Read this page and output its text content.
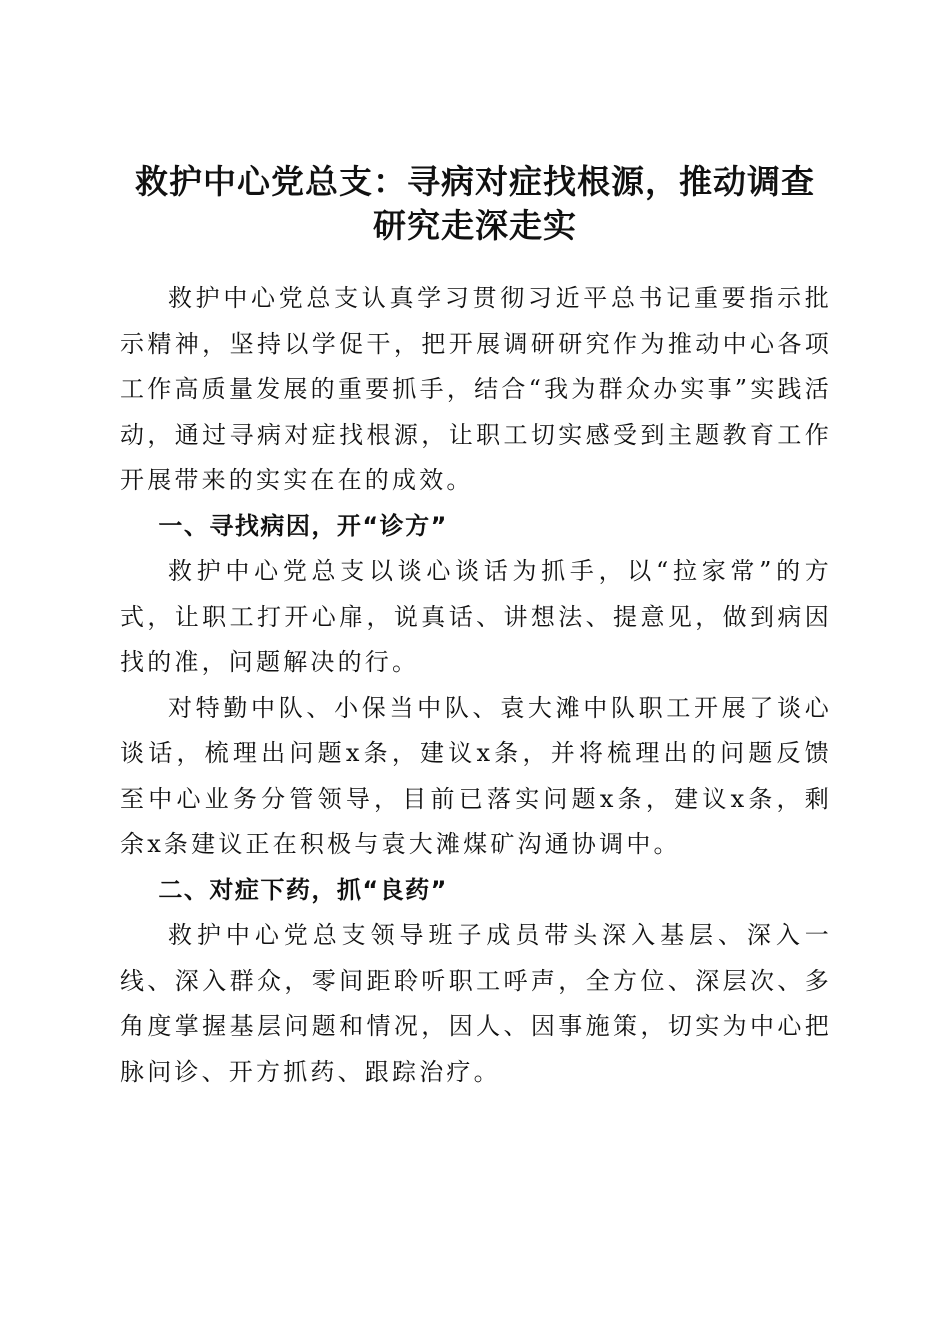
救护中心党总支：寻病对症找根源，推动调查
研究走深走实

救护中心党总支认真学习贯彻习近平总书记重要指示批示精神，坚持以学促干，把开展调研研究作为推动中心各项工作高质量发展的重要抓手，结合“我为群众办实事”实践活动，通过寻病对症找根源，让职工切实感受到主题教育工作开展带来的实实在在的成效。

一、寻找病因，开“诊方”

救护中心党总支以谈心谈话为抓手，以“拉家常”的方式，让职工打开心扉，说真话、讲想法、提意见，做到病因找的准，问题解决的行。

对特勤中队、小保当中队、袁大滩中队职工开展了谈心谈话，梳理出问题x条，建议x条，并将梳理出的问题反馈至中心业务分管领导，目前已落实问题x条，建议x条，剩余x条建议正在积极与袁大滩煤矿沟通协调中。

二、对症下药，抓“良药”

救护中心党总支领导班子成员带头深入基层、深入一线、深入群众，零间距聆听职工呼声，全方位、深层次、多角度掌握基层问题和情况，因人、因事施策，切实为中心把脉问诊、开方抓药、跟踪治疗。
